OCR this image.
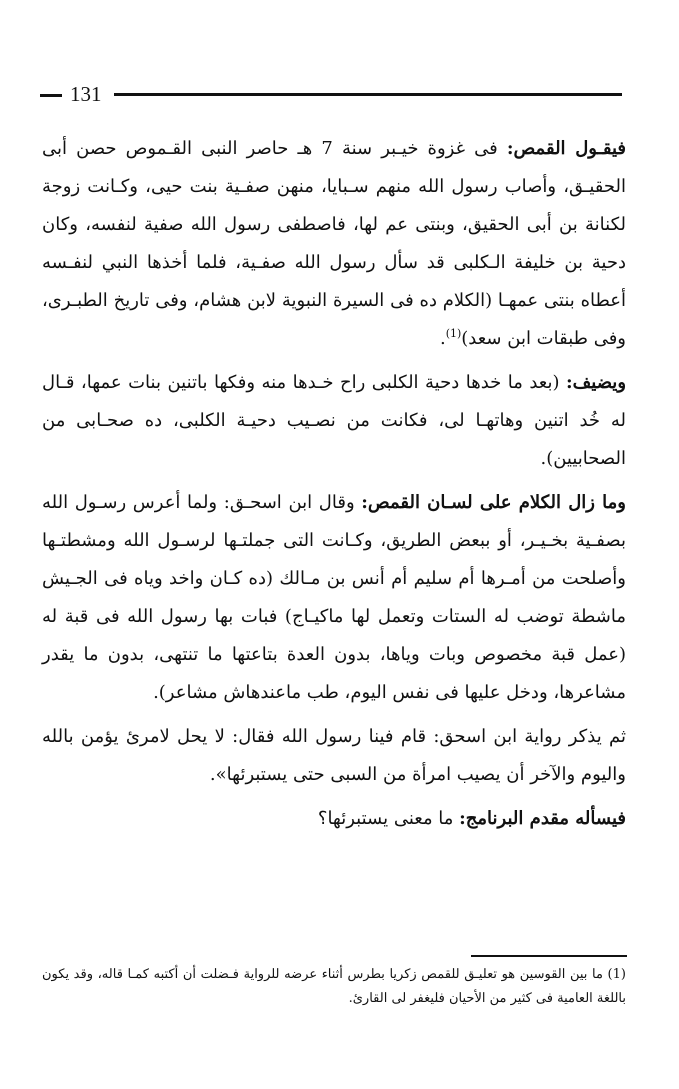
131

فيقـول القمص: فى غزوة خيـبر سنة 7 هـ حاصر النبى القـموص حصن أبى الحقيـق، وأصاب رسول الله منهم سـبايا، منهن صفـية بنت حيى، وكـانت زوجة لكنانة بن أبى الحقيق، وبنتى عم لها، فاصطفى رسول الله صفية لنفسه، وكان دحية بن خليفة الـكلبى قد سأل رسول الله صفـية، فلما أخذها النبي لنفـسه أعطاه بنتى عمهـا (الكلام ده فى السيرة النبوية لابن هشام، وفى تاريخ الطبـرى، وفى طبقات ابن سعد)$^{(1)}$.

ويضيف: (بعد ما خدها دحية الكلبى راح خـدها منه وفكها باتنين بنات عمها، قـال له خُد اتنين وهاتهـا لى، فكانت من نصـيب دحيـة الكلبى، ده صحـابى من الصحابيين).

وما زال الكلام على لسـان القمص: وقال ابن اسحـق: ولما أعرس رسـول الله بصفـية بخـيـر، أو ببعض الطريق، وكـانت التى جملتـها لرسـول الله ومشطتـها وأصلحت من أمـرها أم سليم أم أنس بن مـالك (ده كـان واخد وياه فى الجـيش ماشطة توضب له الستات وتعمل لها ماكيـاج) فبات بها رسول الله فى قبة له (عمل قبة مخصوص وبات وياها، بدون العدة بتاعتها ما تنتهى، بدون ما يقدر مشاعرها، ودخل عليها فى نفس اليوم، طب ماعندهاش مشاعر).

ثم يذكر رواية ابن اسحق: قام فينا رسول الله فقال: لا يحل لامرئ يؤمن بالله واليوم والآخر أن يصيب امرأة من السبى حتى يستبرئها».

فيسأله مقدم البرنامج: ما معنى يستبرئها؟

(1) ما بين القوسين هو تعليـق للقمص زكريا بطرس أثناء عرضه للرواية فـضلت أن أكتبه كمـا قاله، وقد يكون باللغة العامية فى كثير من الأحيان فليغفر لى القارئ.
